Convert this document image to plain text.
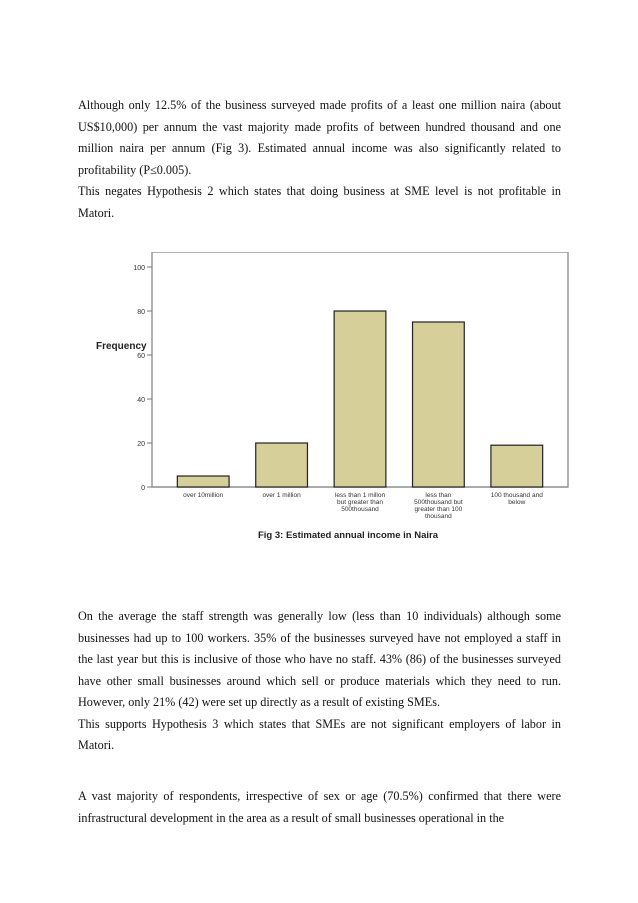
Although only 12.5% of the business surveyed made profits of a least one million naira (about US$10,000) per annum the vast majority made profits of between hundred thousand and one million naira per annum (Fig 3). Estimated annual income was also significantly related to profitability (P≤0.005).

This negates Hypothesis 2 which states that doing business at SME level is not profitable in Matori.

0
20
40
60
80
100
over 10million	over 1 million	less than 1 millon but greater than 500thousand
less than 500thousand but greater than 100 thousand
100 thousand and below
Frequency
Fig 3: Estimated annual income in Naira

On the average the staff strength was generally low (less than 10 individuals) although some businesses had up to 100 workers. 35% of the businesses surveyed have not employed a staff in the last year but this is inclusive of those who have no staff. 43% (86) of the businesses surveyed have other small businesses around which sell or produce materials which they need to run. However, only 21% (42) were set up directly as a result of existing SMEs.

This supports Hypothesis 3 which states that SMEs are not significant employers of labor in Matori.

A vast majority of respondents, irrespective of sex or age (70.5%) confirmed that there were infrastructural development in the area as a result of small businesses operational in the
